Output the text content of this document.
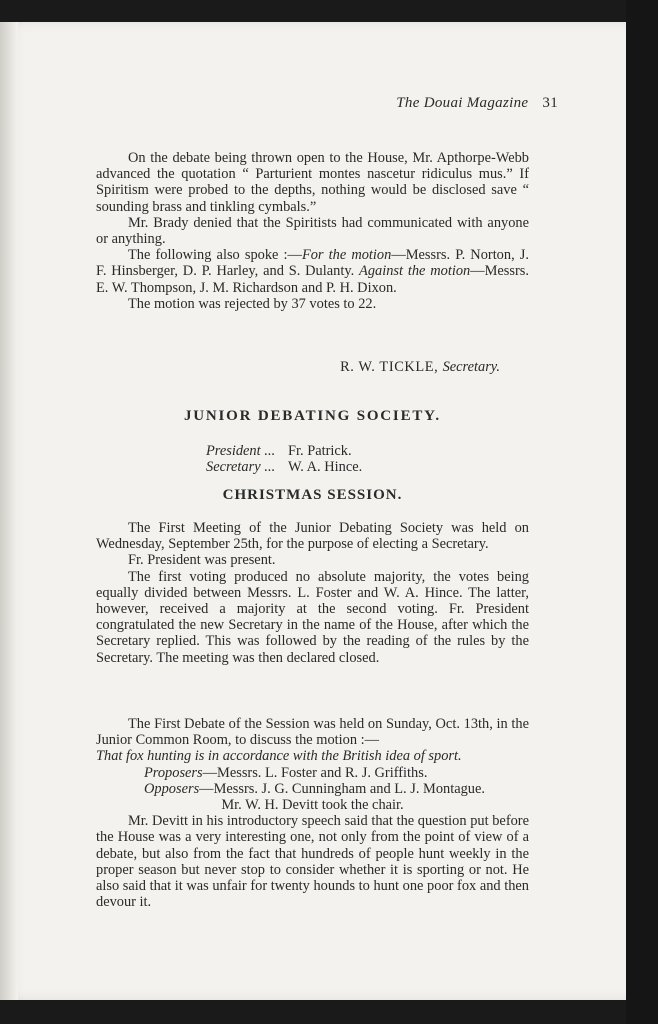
The Douai Magazine 31

On the debate being thrown open to the House, Mr. Apthorpe-Webb advanced the quotation “ Parturient montes nascetur ridiculus mus.” If Spiritism were probed to the depths, nothing would be disclosed save “ sounding brass and tinkling cymbals.”

Mr. Brady denied that the Spiritists had communicated with anyone or anything.

The following also spoke :—For the motion—Messrs. P. Norton, J. F. Hinsberger, D. P. Harley, and S. Dulanty. Against the motion—Messrs. E. W. Thompson, J. M. Richardson and P. H. Dixon.

The motion was rejected by 37 votes to 22.

R. W. TICKLE, Secretary.
JUNIOR DEBATING SOCIETY.
President ... Fr. Patrick.
Secretary ... W. A. Hince.
CHRISTMAS SESSION.

The First Meeting of the Junior Debating Society was held on Wednesday, September 25th, for the purpose of electing a Secretary.

Fr. President was present.

The first voting produced no absolute majority, the votes being equally divided between Messrs. L. Foster and W. A. Hince. The latter, however, received a majority at the second voting. Fr. President congratulated the new Secretary in the name of the House, after which the Secretary replied. This was followed by the reading of the rules by the Secretary. The meeting was then declared closed.

The First Debate of the Session was held on Sunday, Oct. 13th, in the Junior Common Room, to discuss the motion :—

That fox hunting is in accordance with the British idea of sport.

Proposers—Messrs. L. Foster and R. J. Griffiths.

Opposers—Messrs. J. G. Cunningham and L. J. Montague.

Mr. W. H. Devitt took the chair.

Mr. Devitt in his introductory speech said that the question put before the House was a very interesting one, not only from the point of view of a debate, but also from the fact that hundreds of people hunt weekly in the proper season but never stop to consider whether it is sporting or not. He also said that it was unfair for twenty hounds to hunt one poor fox and then devour it.
